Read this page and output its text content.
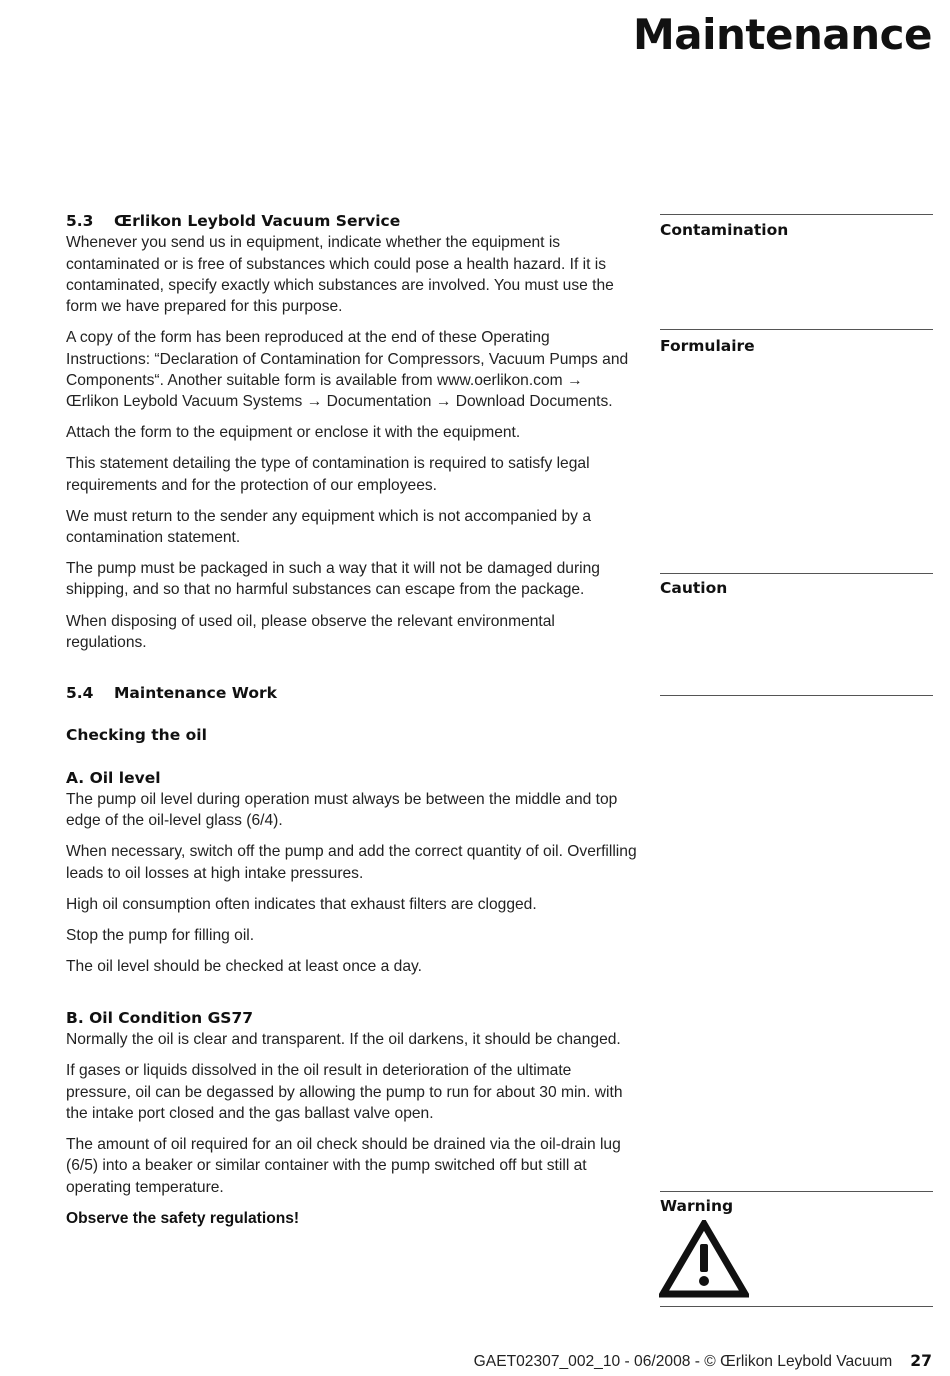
Maintenance
5.3 Œrlikon Leybold Vacuum Service

Whenever you send us in equipment, indicate whether the equipment is contaminated or is free of substances which could pose a health hazard. If it is contaminated, specify exactly which substances are involved. You must use the form we have prepared for this purpose.

A copy of the form has been reproduced at the end of these Operating Instructions: “Declaration of Contamination for Compressors, Vacuum Pumps and Components“. Another suitable form is available from www.oerlikon.com → Œrlikon Leybold Vacuum Systems → Documentation → Download Documents.

Attach the form to the equipment or enclose it with the equipment.

This statement detailing the type of contamination is required to satisfy legal requirements and for the protection of our employees.

We must return to the sender any equipment which is not accompanied by a contamination statement.

The pump must be packaged in such a way that it will not be damaged during shipping, and so that no harmful substances can escape from the package.

When disposing of used oil, please observe the relevant environmental regulations.

5.4 Maintenance Work
Checking the oil
A. Oil level

The pump oil level during operation must always be between the middle and top edge of the oil-level glass (6/4).

When necessary, switch off the pump and add the correct quantity of oil. Overfilling leads to oil losses at high intake pressures.

High oil consumption often indicates that exhaust filters are clogged.

Stop the pump for filling oil.

The oil level should be checked at least once a day.

B. Oil Condition GS77

Normally the oil is clear and transparent. If the oil darkens, it should be changed.

If gases or liquids dissolved in the oil result in deterioration of the ultimate pressure, oil can be degassed by allowing the pump to run for about 30 min. with the intake port closed and the gas ballast valve open.

The amount of oil required for an oil check should be drained via the oil-drain lug (6/5) into a beaker or similar container with the pump switched off but still at operating temperature.

Observe the safety regulations!

Contamination
Formulaire
Caution
Warning
GAET02307_002_10 - 06/2008 - © Œrlikon Leybold Vacuum 27
